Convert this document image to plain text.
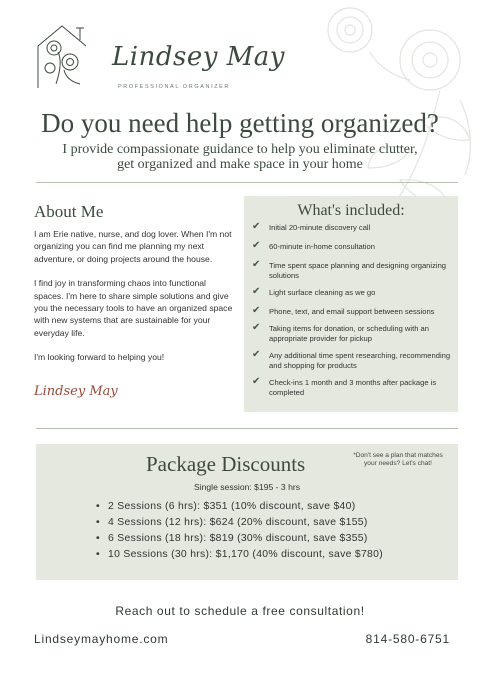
Lindsey May
PROFESSIONAL ORGANIZER
Do you need help getting organized?
I provide compassionate guidance to help you eliminate clutter, get organized and make space in your home
About Me

I am Erie native, nurse, and dog lover. When I'm not organizing you can find me planning my next adventure, or doing projects around the house.

I find joy in transforming chaos into functional spaces. I'm here to share simple solutions and give you the necessary tools to have an organized space with new systems that are sustainable for your everyday life.

I'm looking forward to helping you!

Lindsey May
What's included:
✔ Initial 20-minute discovery call
✔ 60-minute in-home consultation
✔ Time spent space planning and designing organizing solutions
✔ Light surface cleaning as we go
✔ Phone, text, and email support between sessions
✔ Taking items for donation, or scheduling with an appropriate provider for pickup
✔ Any additional time spent researching, recommending and shopping for products
✔ Check-ins 1 month and 3 months after package is completed
Package Discounts	*Don't see a plan that matches your needs? Let's chat!
Single session: $195 - 3 hrs
• 2 Sessions (6 hrs): $351 (10% discount, save $40)
• 4 Sessions (12 hrs): $624 (20% discount, save $155)
• 6 Sessions (18 hrs): $819 (30% discount, save $355)
• 10 Sessions (30 hrs): $1,170 (40% discount, save $780)
Reach out to schedule a free consultation!
Lindseymayhome.com	814-580-6751
